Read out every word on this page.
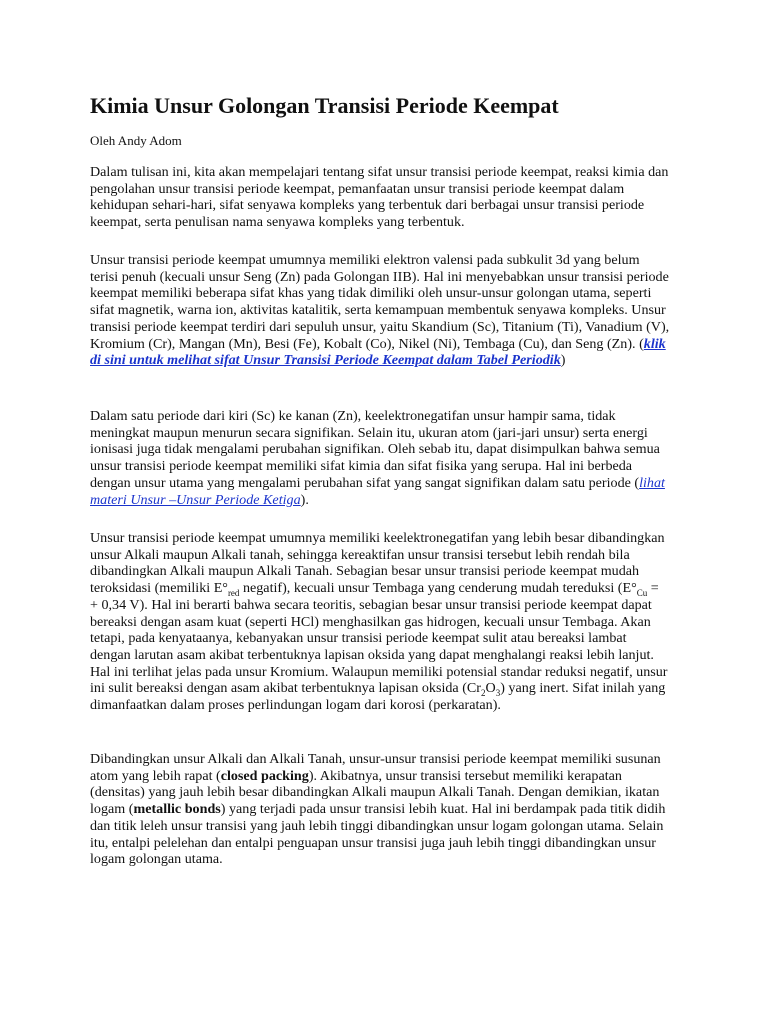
Kimia Unsur Golongan Transisi Periode Keempat
Oleh Andy Adom

Dalam tulisan ini, kita akan mempelajari tentang sifat unsur transisi periode keempat, reaksi kimia dan pengolahan unsur transisi periode keempat, pemanfaatan unsur transisi periode keempat dalam kehidupan sehari-hari, sifat senyawa kompleks yang terbentuk dari berbagai unsur transisi periode keempat, serta penulisan nama senyawa kompleks yang terbentuk.

Unsur transisi periode keempat umumnya memiliki elektron valensi pada subkulit 3d yang belum terisi penuh (kecuali unsur Seng (Zn) pada Golongan IIB). Hal ini menyebabkan unsur transisi periode keempat memiliki beberapa sifat khas yang tidak dimiliki oleh unsur-unsur golongan utama, seperti sifat magnetik, warna ion, aktivitas katalitik, serta kemampuan membentuk senyawa kompleks. Unsur transisi periode keempat terdiri dari sepuluh unsur, yaitu Skandium (Sc), Titanium (Ti), Vanadium (V), Kromium (Cr), Mangan (Mn), Besi (Fe), Kobalt (Co), Nikel (Ni), Tembaga (Cu), dan Seng (Zn). (klik di sini untuk melihat sifat Unsur Transisi Periode Keempat dalam Tabel Periodik)

Dalam satu periode dari kiri (Sc) ke kanan (Zn), keelektronegatifan unsur hampir sama, tidak meningkat maupun menurun secara signifikan. Selain itu, ukuran atom (jari-jari unsur) serta energi ionisasi juga tidak mengalami perubahan signifikan. Oleh sebab itu, dapat disimpulkan bahwa semua unsur transisi periode keempat memiliki sifat kimia dan sifat fisika yang serupa. Hal ini berbeda dengan unsur utama yang mengalami perubahan sifat yang sangat signifikan dalam satu periode (lihat materi Unsur –Unsur Periode Ketiga).

Unsur transisi periode keempat umumnya memiliki keelektronegatifan yang lebih besar dibandingkan unsur Alkali maupun Alkali tanah, sehingga kereaktifan unsur transisi tersebut lebih rendah bila dibandingkan Alkali maupun Alkali Tanah. Sebagian besar unsur transisi periode keempat mudah teroksidasi (memiliki $E^\circ_{red}$ negatif), kecuali unsur Tembaga yang cenderung mudah tereduksi ($E^\circ_{Cu}$ = + 0,34 V). Hal ini berarti bahwa secara teoritis, sebagian besar unsur transisi periode keempat dapat bereaksi dengan asam kuat (seperti HCl) menghasilkan gas hidrogen, kecuali unsur Tembaga. Akan tetapi, pada kenyataanya, kebanyakan unsur transisi periode keempat sulit atau bereaksi lambat dengan larutan asam akibat terbentuknya lapisan oksida yang dapat menghalangi reaksi lebih lanjut. Hal ini terlihat jelas pada unsur Kromium. Walaupun memiliki potensial standar reduksi negatif, unsur ini sulit bereaksi dengan asam akibat terbentuknya lapisan oksida $(Cr_2O_3)$ yang inert. Sifat inilah yang dimanfaatkan dalam proses perlindungan logam dari korosi (perkaratan).

Dibandingkan unsur Alkali dan Alkali Tanah, unsur-unsur transisi periode keempat memiliki susunan atom yang lebih rapat (closed packing). Akibatnya, unsur transisi tersebut memiliki kerapatan (densitas) yang jauh lebih besar dibandingkan Alkali maupun Alkali Tanah. Dengan demikian, ikatan logam (metallic bonds) yang terjadi pada unsur transisi lebih kuat. Hal ini berdampak pada titik didih dan titik leleh unsur transisi yang jauh lebih tinggi dibandingkan unsur logam golongan utama. Selain itu, entalpi pelelehan dan entalpi penguapan unsur transisi juga jauh lebih tinggi dibandingkan unsur logam golongan utama.
